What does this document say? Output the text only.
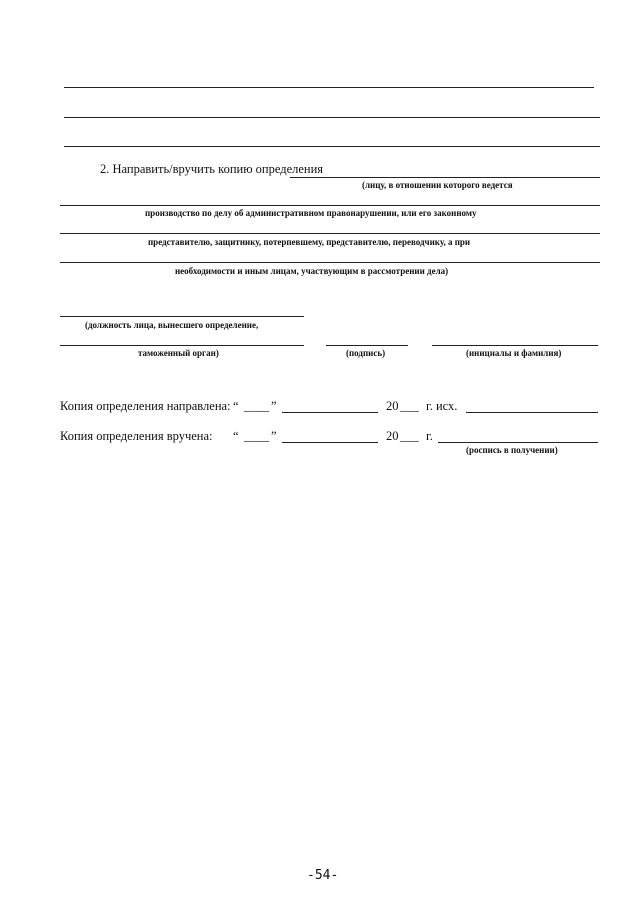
2. Направить/вручить копию определения
(лицу, в отношении которого ведется
производство по делу об административном правонарушении, или его законному
представителю, защитнику, потерпевшему, представителю, переводчику, а при
необходимости и иным лицам, участвующим в рассмотрении дела)
(должность лица, вынесшего определение,
таможенный орган)	(подпись)	(инициалы и фамилия)
Копия определения направлена: “ ____ ”	20 ___ г. исх.
Копия определения вручена: “ ____ ”	20 ___ г.
(роспись в получении)
-54-
